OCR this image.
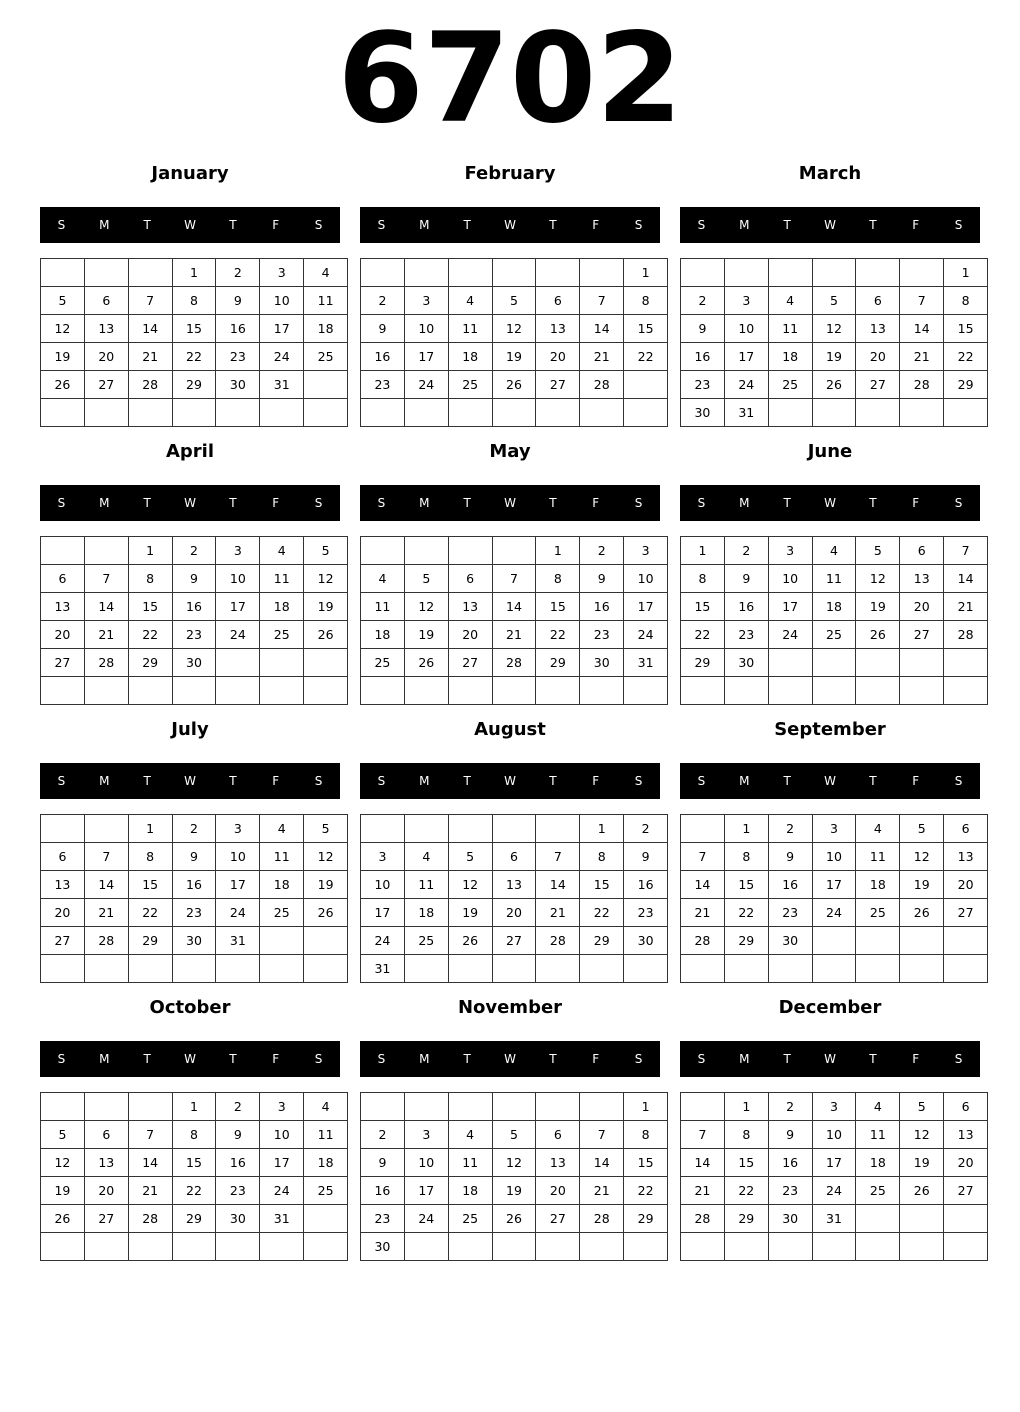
6702
January
S	M	T	W	T	F	S
			1	2	3	4
5	6	7	8	9	10	11
12	13	14	15	16	17	18
19	20	21	22	23	24	25
26	27	28	29	30	31	

February
S	M	T	W	T	F	S
						1
2	3	4	5	6	7	8
9	10	11	12	13	14	15
16	17	18	19	20	21	22
23	24	25	26	27	28	

March
S	M	T	W	T	F	S
						1
2	3	4	5	6	7	8
9	10	11	12	13	14	15
16	17	18	19	20	21	22
23	24	25	26	27	28	29
30	31					
April
S	M	T	W	T	F	S
		1	2	3	4	5
6	7	8	9	10	11	12
13	14	15	16	17	18	19
20	21	22	23	24	25	26
27	28	29	30			

May
S	M	T	W	T	F	S
				1	2	3
4	5	6	7	8	9	10
11	12	13	14	15	16	17
18	19	20	21	22	23	24
25	26	27	28	29	30	31

June
S	M	T	W	T	F	S
1	2	3	4	5	6	7
8	9	10	11	12	13	14
15	16	17	18	19	20	21
22	23	24	25	26	27	28
29	30					

July
S	M	T	W	T	F	S
		1	2	3	4	5
6	7	8	9	10	11	12
13	14	15	16	17	18	19
20	21	22	23	24	25	26
27	28	29	30	31		

August
S	M	T	W	T	F	S
					1	2
3	4	5	6	7	8	9
10	11	12	13	14	15	16
17	18	19	20	21	22	23
24	25	26	27	28	29	30
31						
September
S	M	T	W	T	F	S
	1	2	3	4	5	6
7	8	9	10	11	12	13
14	15	16	17	18	19	20
21	22	23	24	25	26	27
28	29	30				

October
S	M	T	W	T	F	S
			1	2	3	4
5	6	7	8	9	10	11
12	13	14	15	16	17	18
19	20	21	22	23	24	25
26	27	28	29	30	31	

November
S	M	T	W	T	F	S
						1
2	3	4	5	6	7	8
9	10	11	12	13	14	15
16	17	18	19	20	21	22
23	24	25	26	27	28	29
30						
December
S	M	T	W	T	F	S
	1	2	3	4	5	6
7	8	9	10	11	12	13
14	15	16	17	18	19	20
21	22	23	24	25	26	27
28	29	30	31			
